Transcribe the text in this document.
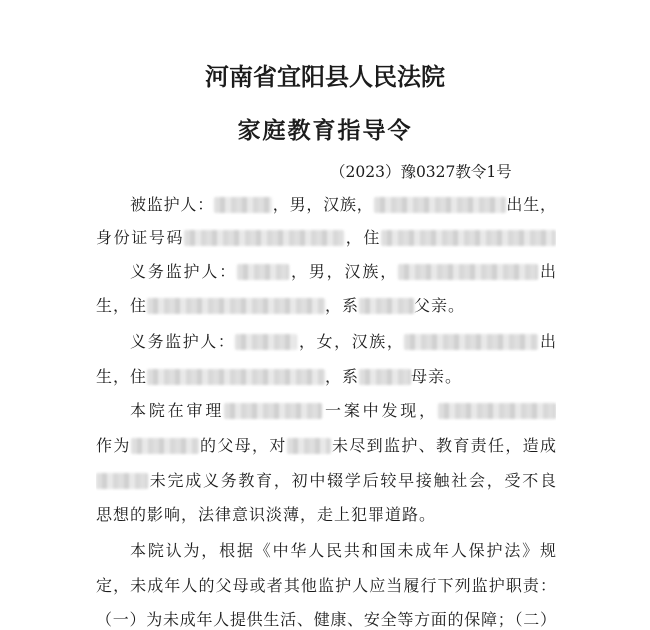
河南省宜阳县人民法院
家庭教育指导令
（2023）豫0327教令1号
被监护人：	，男，汉族，	出生，
身份证号码	，住
义务监护人：	，男，汉族，	出
生，住	，系	父亲。
义务监护人：	，女，汉族，	出
生，住	，系	母亲。
本院在审理	一案中发现，
作为	的父母，对	未尽到监护、教育责任，造成
未完成义务教育，初中辍学后较早接触社会，受不良
思想的影响，法律意识淡薄，走上犯罪道路。
本院认为，根据《中华人民共和国未成年人保护法》规
定，未成年人的父母或者其他监护人应当履行下列监护职责：
（一）为未成年人提供生活、健康、安全等方面的保障；（二）
